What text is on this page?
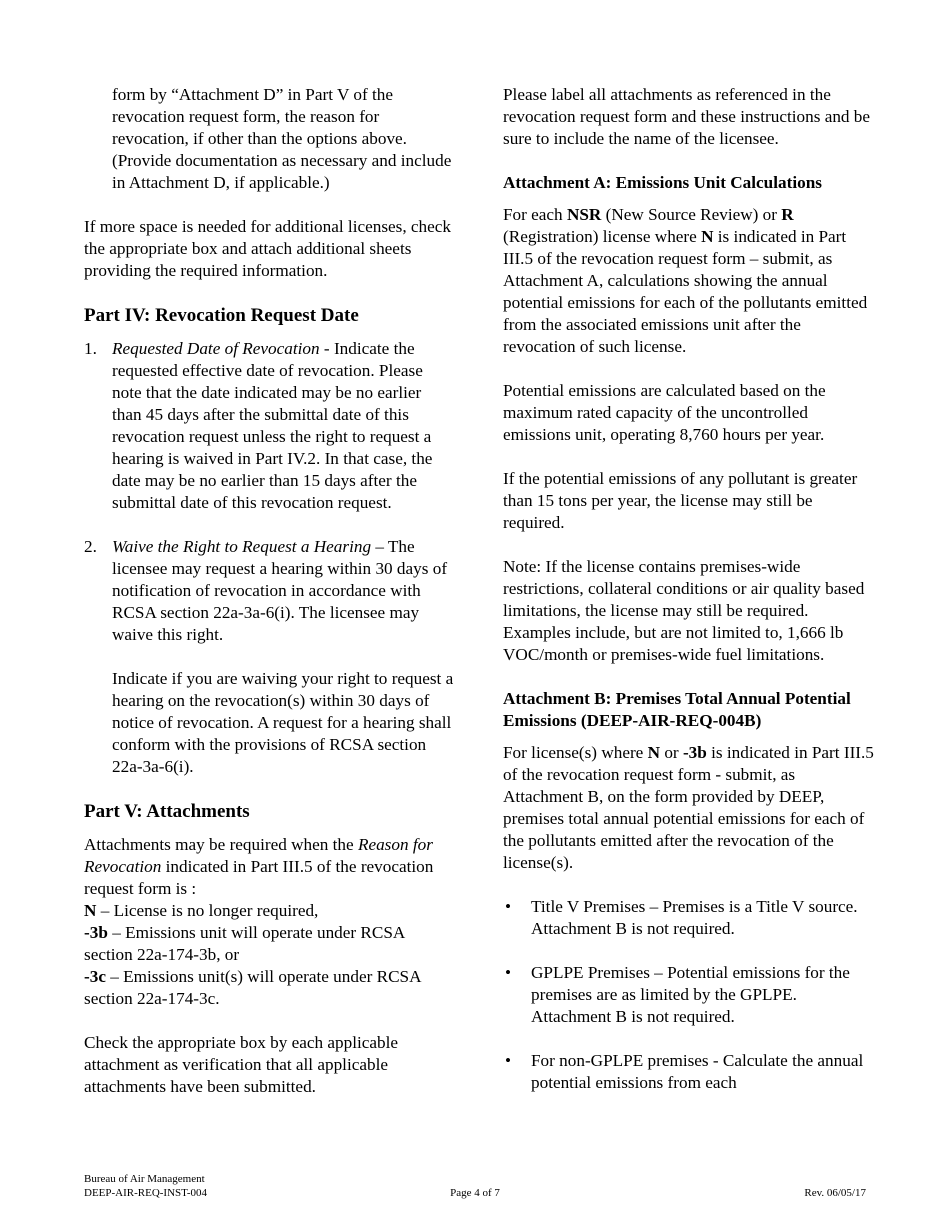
form by “Attachment D” in Part V of the revocation request form, the reason for revocation, if other than the options above. (Provide documentation as necessary and include in Attachment D, if applicable.)

If more space is needed for additional licenses, check the appropriate box and attach additional sheets providing the required information.

Part IV: Revocation Request Date
1. Requested Date of Revocation - Indicate the requested effective date of revocation. Please note that the date indicated may be no earlier than 45 days after the submittal date of this revocation request unless the right to request a hearing is waived in Part IV.2. In that case, the date may be no earlier than 15 days after the submittal date of this revocation request.

2. Waive the Right to Request a Hearing – The licensee may request a hearing within 30 days of notification of revocation in accordance with RCSA section 22a-3a-6(i). The licensee may waive this right.

Indicate if you are waiving your right to request a hearing on the revocation(s) within 30 days of notice of revocation. A request for a hearing shall conform with the provisions of RCSA section 22a-3a-6(i).

Part V: Attachments

Attachments may be required when the Reason for Revocation indicated in Part III.5 of the revocation request form is :

N – License is no longer required,

-3b – Emissions unit will operate under RCSA section 22a-174-3b, or

-3c – Emissions unit(s) will operate under RCSA section 22a-174-3c.

Check the appropriate box by each applicable attachment as verification that all applicable attachments have been submitted.

Please label all attachments as referenced in the revocation request form and these instructions and be sure to include the name of the licensee.

Attachment A: Emissions Unit Calculations

For each NSR (New Source Review) or R (Registration) license where N is indicated in Part III.5 of the revocation request form – submit, as Attachment A, calculations showing the annual potential emissions for each of the pollutants emitted from the associated emissions unit after the revocation of such license.

Potential emissions are calculated based on the maximum rated capacity of the uncontrolled emissions unit, operating 8,760 hours per year.

If the potential emissions of any pollutant is greater than 15 tons per year, the license may still be required.

Note: If the license contains premises-wide restrictions, collateral conditions or air quality based limitations, the license may still be required. Examples include, but are not limited to, 1,666 lb VOC/month or premises-wide fuel limitations.

Attachment B: Premises Total Annual Potential Emissions (DEEP-AIR-REQ-004B)

For license(s) where N or -3b is indicated in Part III.5 of the revocation request form - submit, as Attachment B, on the form provided by DEEP, premises total annual potential emissions for each of the pollutants emitted after the revocation of the license(s).

• Title V Premises – Premises is a Title V source. Attachment B is not required.

• GPLPE Premises – Potential emissions for the premises are as limited by the GPLPE. Attachment B is not required.

• For non-GPLPE premises - Calculate the annual potential emissions from each

Bureau of Air Management
DEEP-AIR-REQ-INST-004	Page 4 of 7	Rev. 06/05/17
